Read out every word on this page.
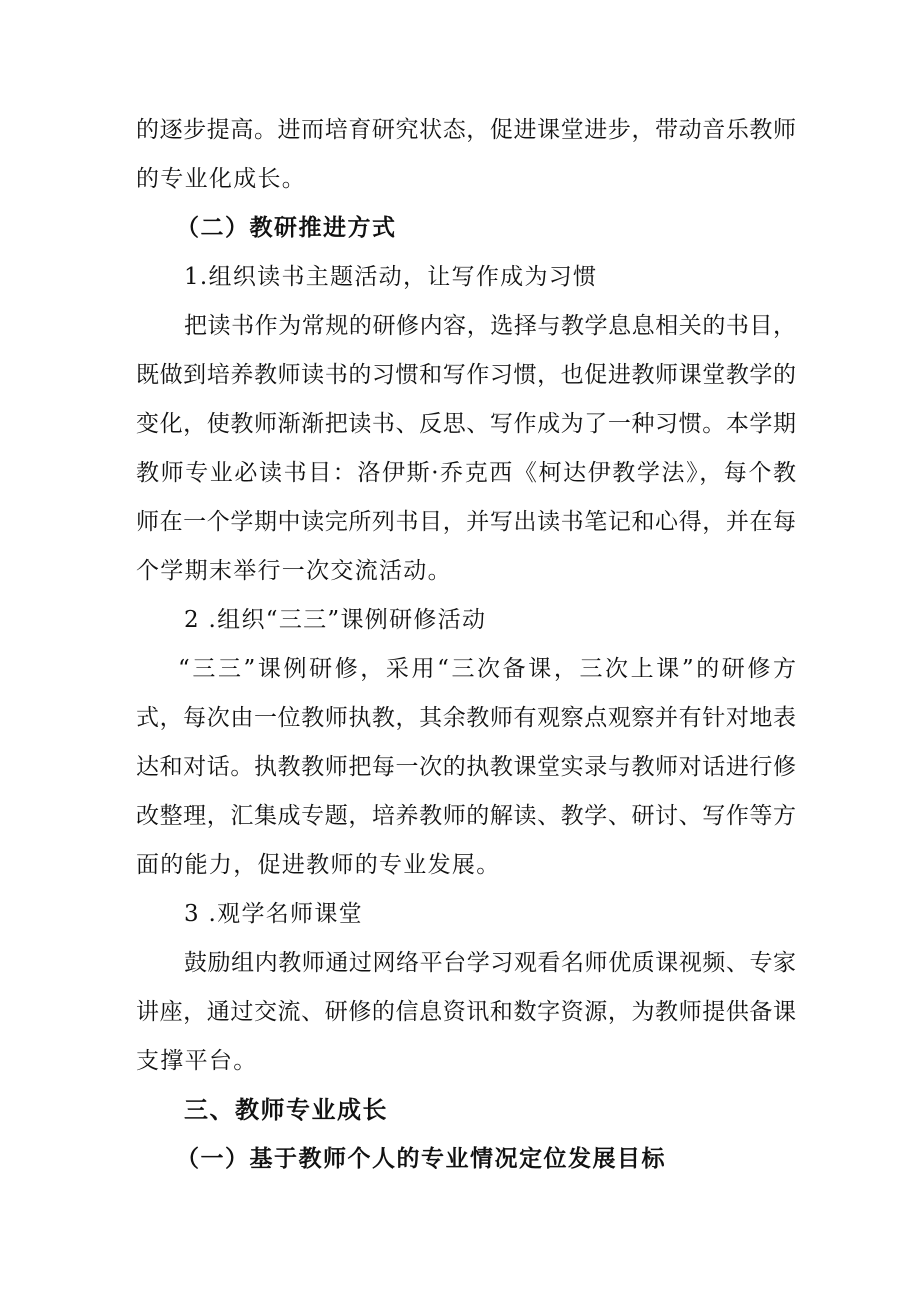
的逐步提高。进而培育研究状态，促进课堂进步，带动音乐教师
的专业化成长。
（二）教研推进方式
1.组织读书主题活动，让写作成为习惯
把读书作为常规的研修内容，选择与教学息息相关的书目，
既做到培养教师读书的习惯和写作习惯，也促进教师课堂教学的
变化，使教师渐渐把读书、反思、写作成为了一种习惯。本学期
教师专业必读书目：洛伊斯·乔克西《柯达伊教学法》，每个教
师在一个学期中读完所列书目，并写出读书笔记和心得，并在每
个学期末举行一次交流活动。
2 .组织“三三”课例研修活动
“三三”课例研修，采用“三次备课，三次上课”的研修方
式，每次由一位教师执教，其余教师有观察点观察并有针对地表
达和对话。执教教师把每一次的执教课堂实录与教师对话进行修
改整理，汇集成专题，培养教师的解读、教学、研讨、写作等方
面的能力，促进教师的专业发展。
3 .观学名师课堂
鼓励组内教师通过网络平台学习观看名师优质课视频、专家
讲座，通过交流、研修的信息资讯和数字资源，为教师提供备课
支撑平台。
三、教师专业成长
（一）基于教师个人的专业情况定位发展目标
